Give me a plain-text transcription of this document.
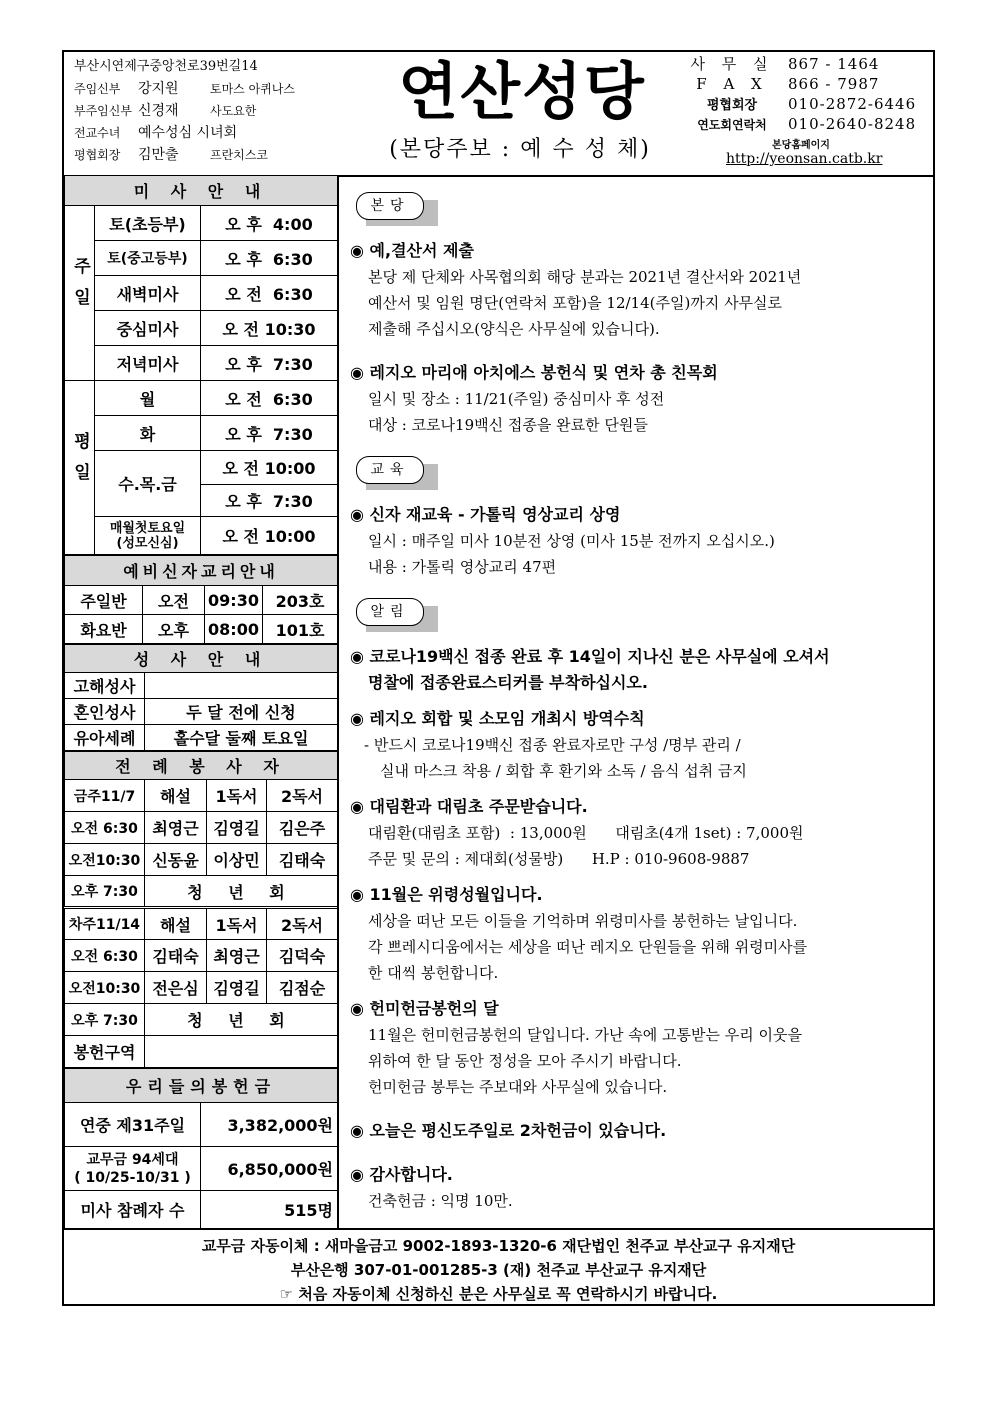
부산시연제구중앙천로39번길14
주임신부 강지원	토마스 아퀴나스
부주임신부 신경재	사도요한
전교수녀 예수성심 시녀회
평협회장 김만출	프란치스코
연산성당
(본당주보 : 예 수 성 체)
사 무 실 867 - 1464
F A X 866 - 7987
평협회장 010-2872-6446
연도회연락처 010-2640-8248
본당홈페이지
http://yeonsan.catb.kr
미 사 안 내		
주일	토(초등부)	오 후  4:00
	토(중고등부)	오 후  6:30
	새벽미사	오 전  6:30
	중심미사	오 전 10:30
	저녁미사	오 후  7:30
평일	월	오 전  6:30
	화	오 후  7:30
	수.목.금	오 전 10:00
		오 후  7:30
	매월첫토요일
(성모신심)	오 전 10:00
예비신자교리안내			
주일반	오전	09:30	203호
화요반	오후	08:00	101호
성 사 안 내	
고해성사	
혼인성사	두 달 전에 신청
유아세례	홀수달 둘째 토요일
전 례 봉 사 자			
금주11/7	해설	1독서	2독서
오전 6:30	최영근	김영길	김은주
오전10:30	신동윤	이상민	김태숙
오후 7:30	청 년 회		
차주11/14	해설	1독서	2독서
오전 6:30	김태숙	최영근	김덕숙
오전10:30	전은심	김영길	김점순
오후 7:30	청 년 회		
봉헌구역			
우리들의봉헌금	
연중 제31주일	3,382,000원
교무금 94세대
( 10/25-10/31 )	6,850,000원
미사 참례자 수	515명
본당
◉ 예,결산서 제출
본당 제 단체와 사목협의회 해당 분과는 2021년 결산서와 2021년
예산서 및 임원 명단(연락처 포함)을 12/14(주일)까지 사무실로
제출해 주십시오(양식은 사무실에 있습니다).
◉ 레지오 마리애 아치에스 봉헌식 및 연차 총 친목회
일시 및 장소 : 11/21(주일) 중심미사 후 성전
대상 : 코로나19백신 접종을 완료한 단원들
교육
◉ 신자 재교육 - 가톨릭 영상교리 상영
일시 : 매주일 미사 10분전 상영 (미사 15분 전까지 오십시오.)
내용 : 가톨릭 영상교리 47편
알림
◉ 코로나19백신 접종 완료 후 14일이 지나신 분은 사무실에 오셔서
명찰에 접종완료스티커를 부착하십시오.
◉ 레지오 회합 및 소모임 개최시 방역수칙
- 반드시 코로나19백신 접종 완료자로만 구성 /명부 관리 /
실내 마스크 착용 / 회합 후 환기와 소독 / 음식 섭취 금지
◉ 대림환과 대림초 주문받습니다.
대림환(대림초 포함)  : 13,000원      대림초(4개 1set) : 7,000원
주문 및 문의 : 제대회(성물방)      H.P : 010-9608-9887
◉ 11월은 위령성월입니다.
세상을 떠난 모든 이들을 기억하며 위령미사를 봉헌하는 날입니다.
각 쁘레시디움에서는 세상을 떠난 레지오 단원들을 위해 위령미사를
한 대씩 봉헌합니다.
◉ 헌미헌금봉헌의 달
11월은 헌미헌금봉헌의 달입니다. 가난 속에 고통받는 우리 이웃을
위하여 한 달 동안 정성을 모아 주시기 바랍니다.
헌미헌금 봉투는 주보대와 사무실에 있습니다.
◉ 오늘은 평신도주일로 2차헌금이 있습니다.
◉ 감사합니다.
건축헌금 : 익명 10만.
교무금 자동이체 : 새마을금고 9002-1893-1320-6 재단법인 천주교 부산교구 유지재단
부산은행 307-01-001285-3 (재) 천주교 부산교구 유지재단
☞ 처음 자동이체 신청하신 분은 사무실로 꼭 연락하시기 바랍니다.
